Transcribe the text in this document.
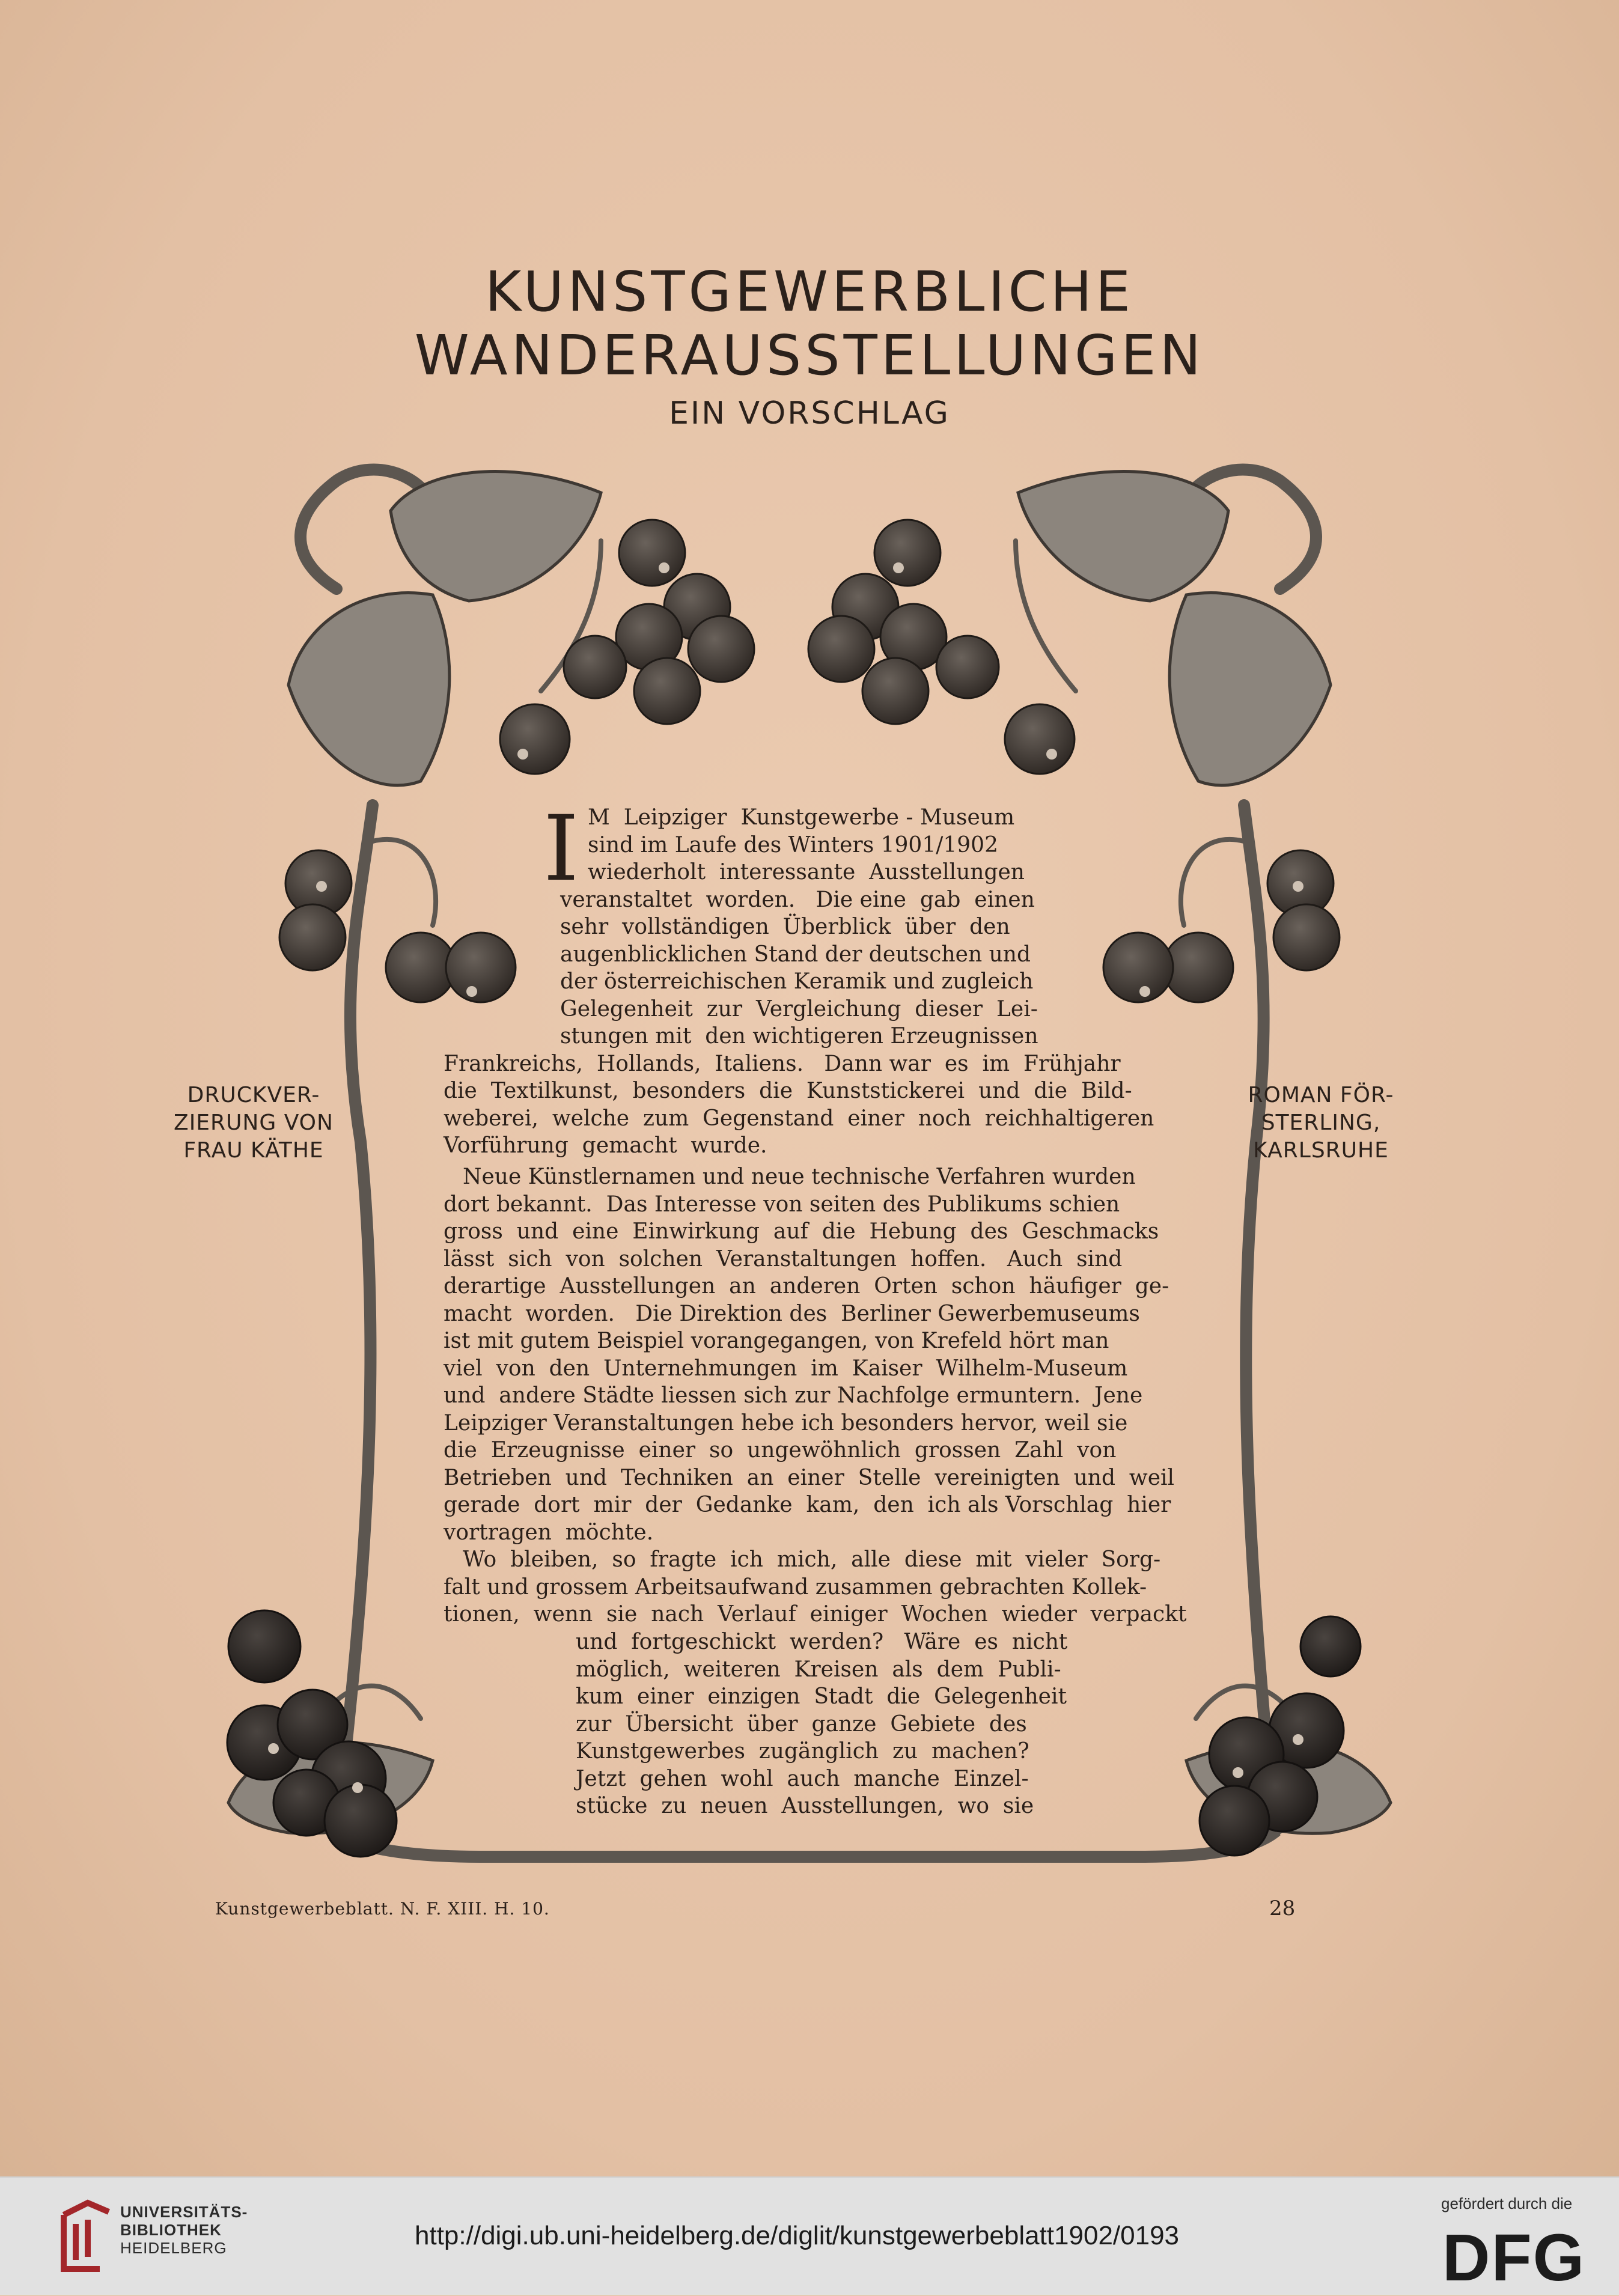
KUNSTGEWERBLICHE
WANDERAUSSTELLUNGEN
EIN VORSCHLAG
DRUCKVER-
ZIERUNG VON
FRAU KÄTHE
ROMAN FÖR-
STERLING,
KARLSRUHE
I
Kunstgewerbeblatt. N. F. XIII. H. 10.	28
UNIVERSITÄTS-
BIBLIOTHEK
HEIDELBERG	http://digi.ub.uni-heidelberg.de/diglit/kunstgewerbeblatt1902/0193
gefördert durch die
DFG
M  Leipziger  Kunstgewerbe - Museum
sind im Laufe des Winters 1901/1902
wiederholt  interessante  Ausstellungen
veranstaltet  worden.   Die eine  gab  einen
sehr  vollständigen  Überblick  über  den
augenblicklichen Stand der deutschen und
der österreichischen Keramik und zugleich
Gelegenheit  zur  Vergleichung  dieser  Lei-
stungen mit  den wichtigeren Erzeugnissen
Frankreichs,  Hollands,  Italiens.   Dann war  es  im  Frühjahr
die  Textilkunst,  besonders  die  Kunststickerei  und  die  Bild-
weberei,  welche  zum  Gegenstand  einer  noch  reichhaltigeren
Vorführung  gemacht  wurde.
Neue Künstlernamen und neue technische Verfahren wurden
dort bekannt.  Das Interesse von seiten des Publikums schien
gross  und  eine  Einwirkung  auf  die  Hebung  des  Geschmacks
lässt  sich  von  solchen  Veranstaltungen  hoffen.   Auch  sind
derartige  Ausstellungen  an  anderen  Orten  schon  häufiger  ge-
macht  worden.   Die Direktion des  Berliner Gewerbemuseums
ist mit gutem Beispiel vorangegangen, von Krefeld hört man
viel  von  den  Unternehmungen  im  Kaiser  Wilhelm-Museum
und  andere Städte liessen sich zur Nachfolge ermuntern.  Jene
Leipziger Veranstaltungen hebe ich besonders hervor, weil sie
die  Erzeugnisse  einer  so  ungewöhnlich  grossen  Zahl  von
Betrieben  und  Techniken  an  einer  Stelle  vereinigten  und  weil
gerade  dort  mir  der  Gedanke  kam,  den  ich als Vorschlag  hier
vortragen  möchte.
Wo  bleiben,  so  fragte  ich  mich,  alle  diese  mit  vieler  Sorg-
falt und grossem Arbeitsaufwand zusammen gebrachten Kollek-
tionen,  wenn  sie  nach  Verlauf  einiger  Wochen  wieder  verpackt
und  fortgeschickt  werden?   Wäre  es  nicht
möglich,  weiteren  Kreisen  als  dem  Publi-
kum  einer  einzigen  Stadt  die  Gelegenheit
zur  Übersicht  über  ganze  Gebiete  des
Kunstgewerbes  zugänglich  zu  machen?
Jetzt  gehen  wohl  auch  manche  Einzel-
stücke  zu  neuen  Ausstellungen,  wo  sie
